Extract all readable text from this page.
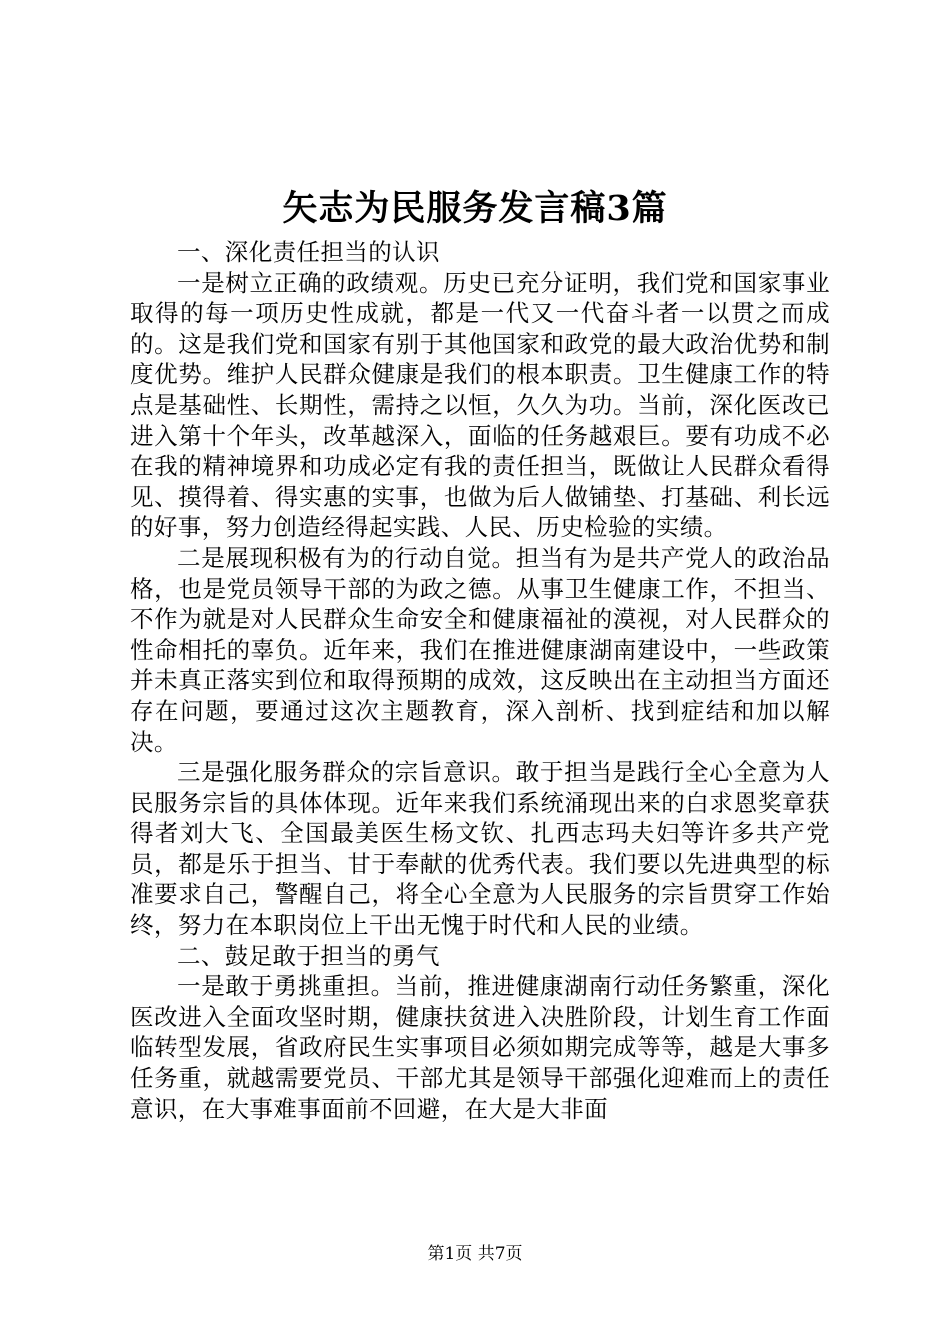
矢志为民服务发言稿3篇

一、深化责任担当的认识

一是树立正确的政绩观。历史已充分证明，我们党和国家事业取得的每一项历史性成就，都是一代又一代奋斗者一以贯之而成的。这是我们党和国家有别于其他国家和政党的最大政治优势和制度优势。维护人民群众健康是我们的根本职责。卫生健康工作的特点是基础性、长期性，需持之以恒，久久为功。当前，深化医改已进入第十个年头，改革越深入，面临的任务越艰巨。要有功成不必在我的精神境界和功成必定有我的责任担当，既做让人民群众看得见、摸得着、得实惠的实事，也做为后人做铺垫、打基础、利长远的好事，努力创造经得起实践、人民、历史检验的实绩。

二是展现积极有为的行动自觉。担当有为是共产党人的政治品格，也是党员领导干部的为政之德。从事卫生健康工作，不担当、不作为就是对人民群众生命安全和健康福祉的漠视，对人民群众的性命相托的辜负。近年来，我们在推进健康湖南建设中，一些政策并未真正落实到位和取得预期的成效，这反映出在主动担当方面还存在问题，要通过这次主题教育，深入剖析、找到症结和加以解决。

三是强化服务群众的宗旨意识。敢于担当是践行全心全意为人民服务宗旨的具体体现。近年来我们系统涌现出来的白求恩奖章获得者刘大飞、全国最美医生杨文钦、扎西志玛夫妇等许多共产党员，都是乐于担当、甘于奉献的优秀代表。我们要以先进典型的标准要求自己，警醒自己，将全心全意为人民服务的宗旨贯穿工作始终，努力在本职岗位上干出无愧于时代和人民的业绩。

二、鼓足敢于担当的勇气

一是敢于勇挑重担。当前，推进健康湖南行动任务繁重，深化医改进入全面攻坚时期，健康扶贫进入决胜阶段，计划生育工作面临转型发展，省政府民生实事项目必须如期完成等等，越是大事多任务重，就越需要党员、干部尤其是领导干部强化迎难而上的责任意识，在大事难事面前不回避，在大是大非面

第1页 共7页
